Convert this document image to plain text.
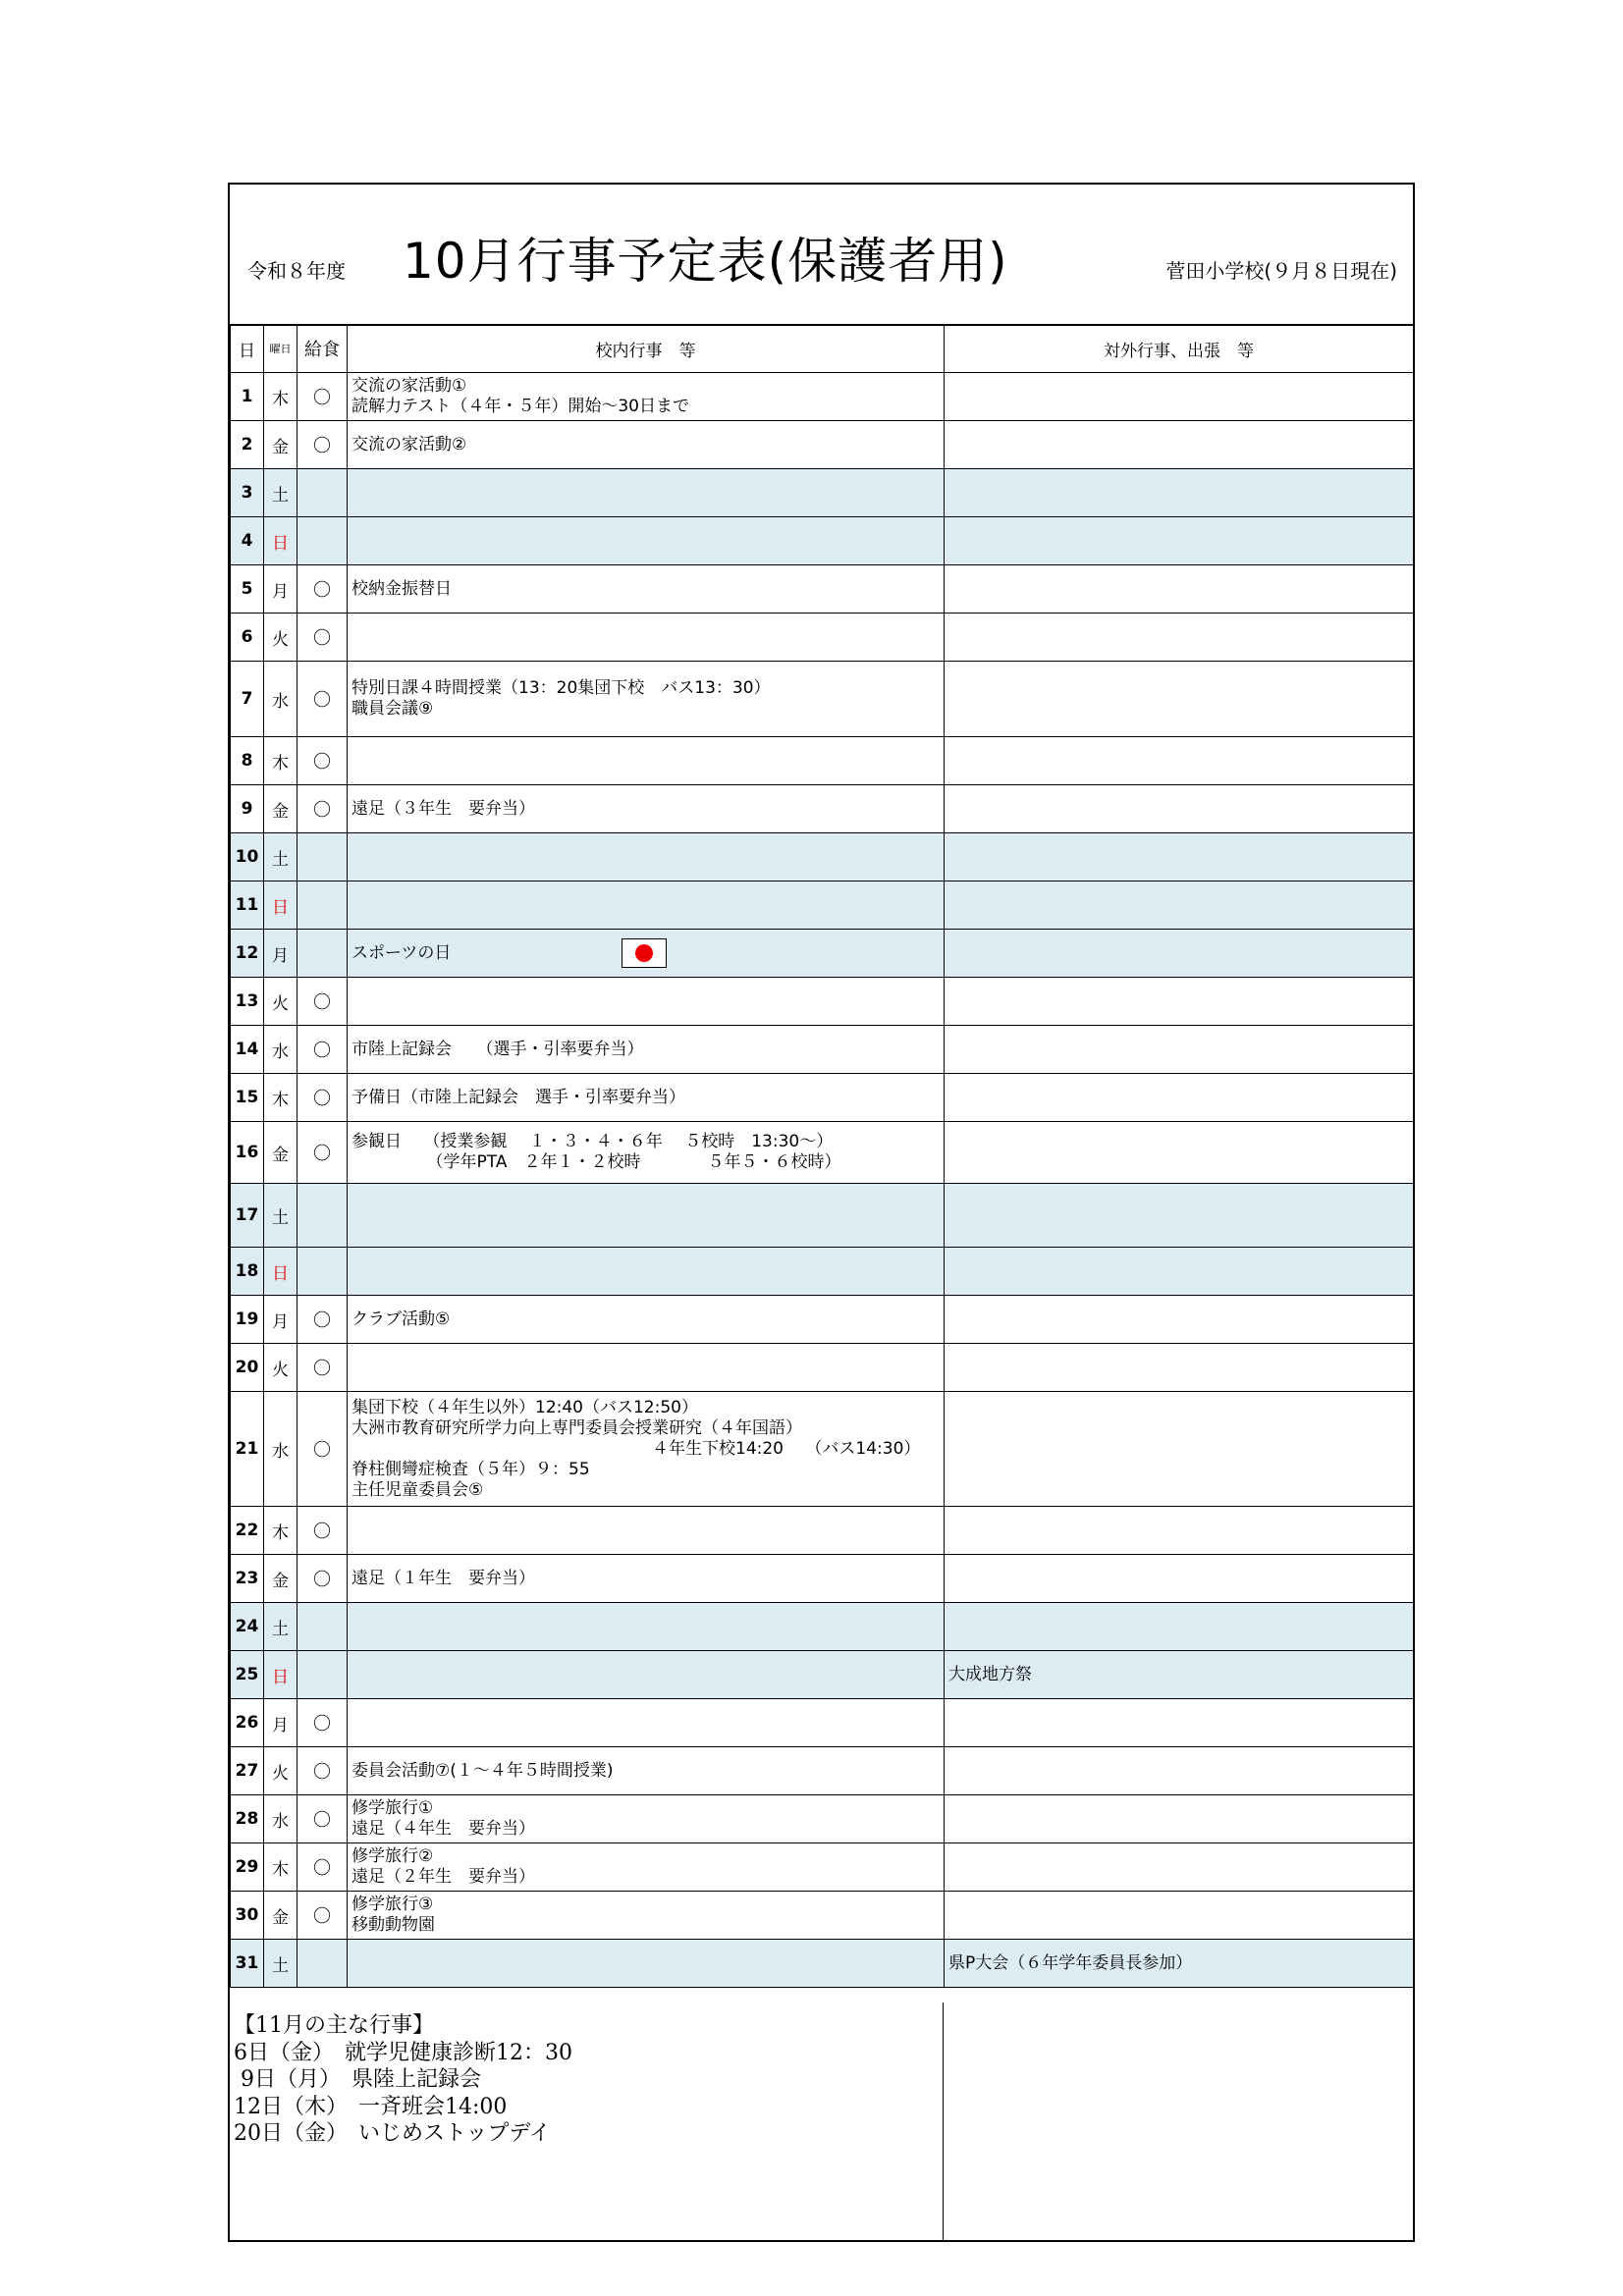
令和８年度 10月行事予定表(保護者用)	菅田小学校(９月８日現在)
日	曜日	給食	校内行事　等	対外行事、出張　等
1	木	〇	交流の家活動①
読解力テスト（４年・５年）開始～30日まで	
2	金	〇	交流の家活動②	
3	土			
4	日			
5	月	〇	校納金振替日	
6	火	〇		
7	水	〇	特別日課４時間授業（13：20集団下校　バス13：30）
職員会議⑨	
8	木	〇		
9	金	〇	遠足（３年生　要弁当）	
10	土			
11	日			
12	月		スポーツの日

13	火	〇		
14	水	〇	市陸上記録会　　（選手・引率要弁当）	
15	木	〇	予備日（市陸上記録会　選手・引率要弁当）	
16	金	〇	参観日　 （授業参観　 １・３・４・６年　 ５校時　13:30～）
　　　　　（学年PTA　２年１・２校時　　　　５年５・６校時）	
17	土			
18	日			
19	月	〇	クラブ活動⑤	
20	火	〇		
21	水	〇	集団下校（４年生以外）12:40（バス12:50）
大洲市教育研究所学力向上専門委員会授業研究（４年国語）
　　　　　　　　　　　　　　　　　　４年生下校14:20　 （バス14:30）
脊柱側彎症検査（５年）９：55
主任児童委員会⑤	
22	木	〇		
23	金	〇	遠足（１年生　要弁当）	
24	土			
25	日			大成地方祭
26	月	〇		
27	火	〇	委員会活動⑦(１～４年５時間授業)	
28	水	〇	修学旅行①
遠足（４年生　要弁当）	
29	木	〇	修学旅行②
遠足（２年生　要弁当）	
30	金	〇	修学旅行③
移動動物園	
31	土			県P大会（６年学年委員長参加）
【11月の主な行事】
6日（金）　就学児健康診断12：30
9日（月）　県陸上記録会
12日（木）　一斉班会14:00
20日（金）　いじめストップデイ
